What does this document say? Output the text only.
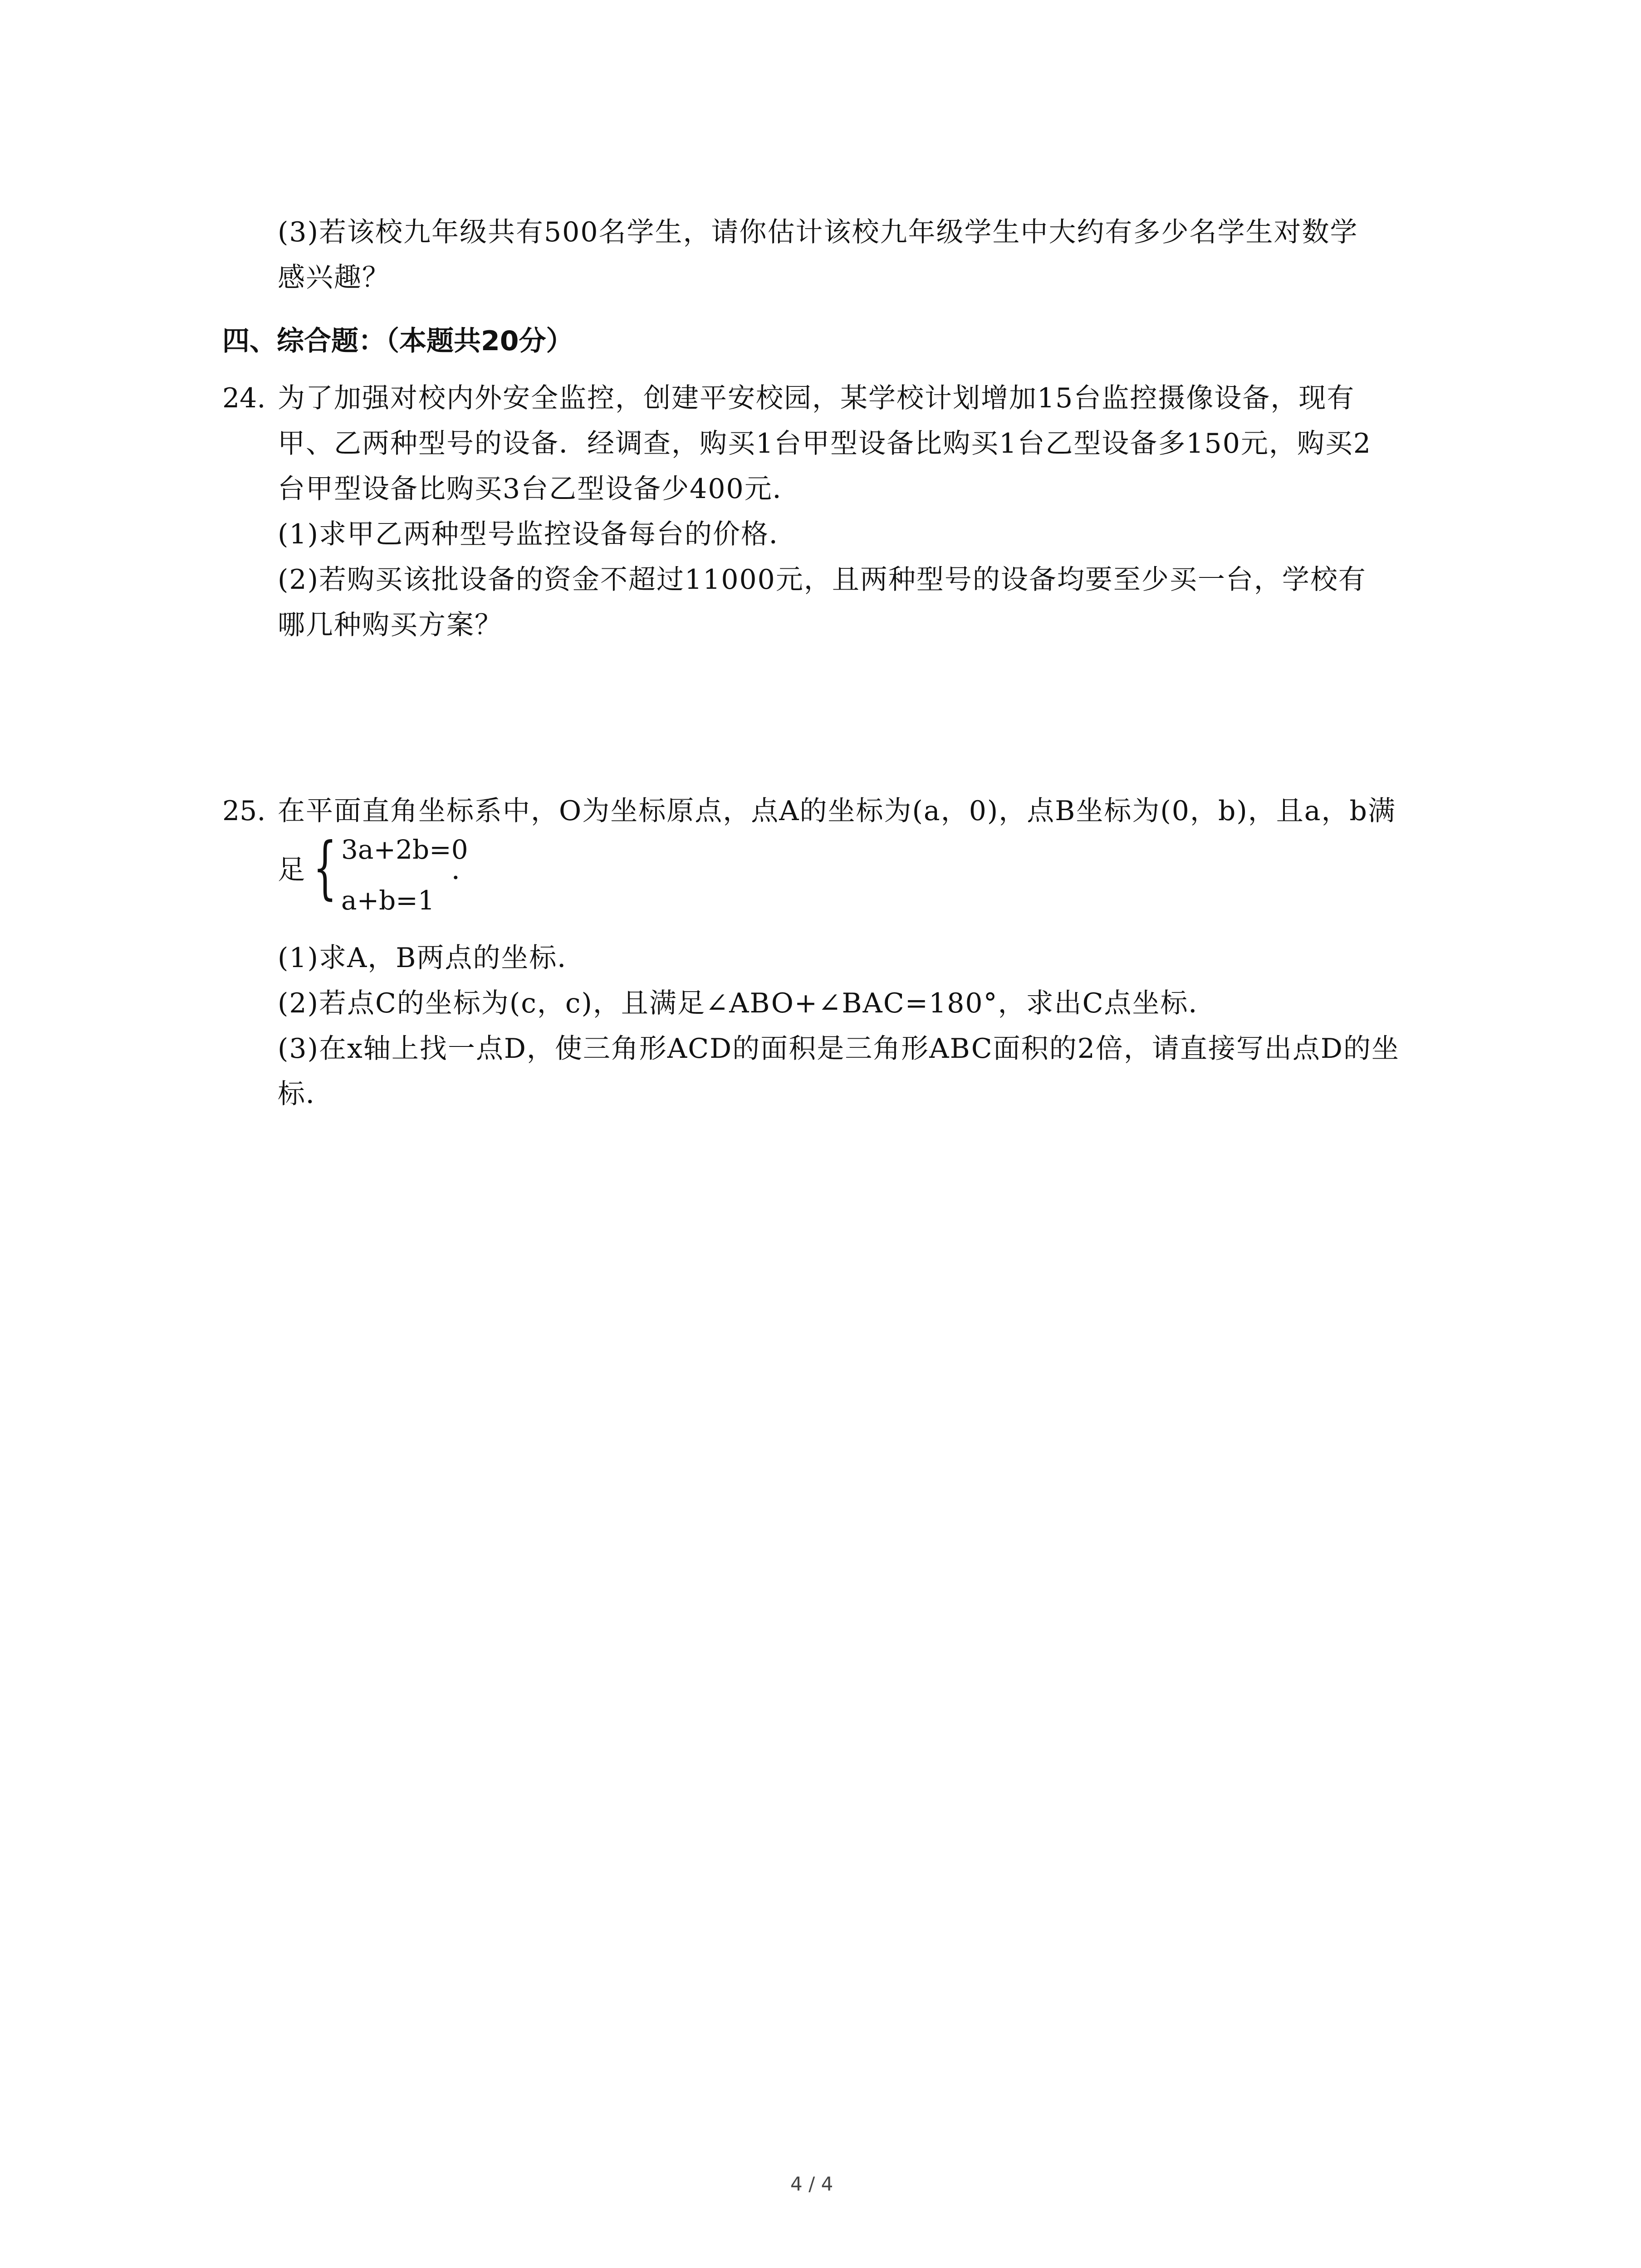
(3)若该校九年级共有500名学生，请你估计该校九年级学生中大约有多少名学生对数学
感兴趣？
四、综合题：（本题共20分）
24. 为了加强对校内外安全监控，创建平安校园，某学校计划增加15台监控摄像设备，现有
甲、乙两种型号的设备．经调查，购买1台甲型设备比购买1台乙型设备多150元，购买2
台甲型设备比购买3台乙型设备少400元．
(1)求甲乙两种型号监控设备每台的价格．
(2)若购买该批设备的资金不超过11000元，且两种型号的设备均要至少买一台，学校有
哪几种购买方案？
25. 在平面直角坐标系中，O为坐标原点，点A的坐标为(a，0)，点B坐标为(0，b)，且a，b满
足 { 3a+2b=0
a+b=1
．
(1)求A，B两点的坐标．
(2)若点C的坐标为(c，c)，且满足∠ABO+∠BAC=180°，求出C点坐标．
(3)在x轴上找一点D，使三角形ACD的面积是三角形ABC面积的2倍，请直接写出点D的坐
标．
4 / 4
